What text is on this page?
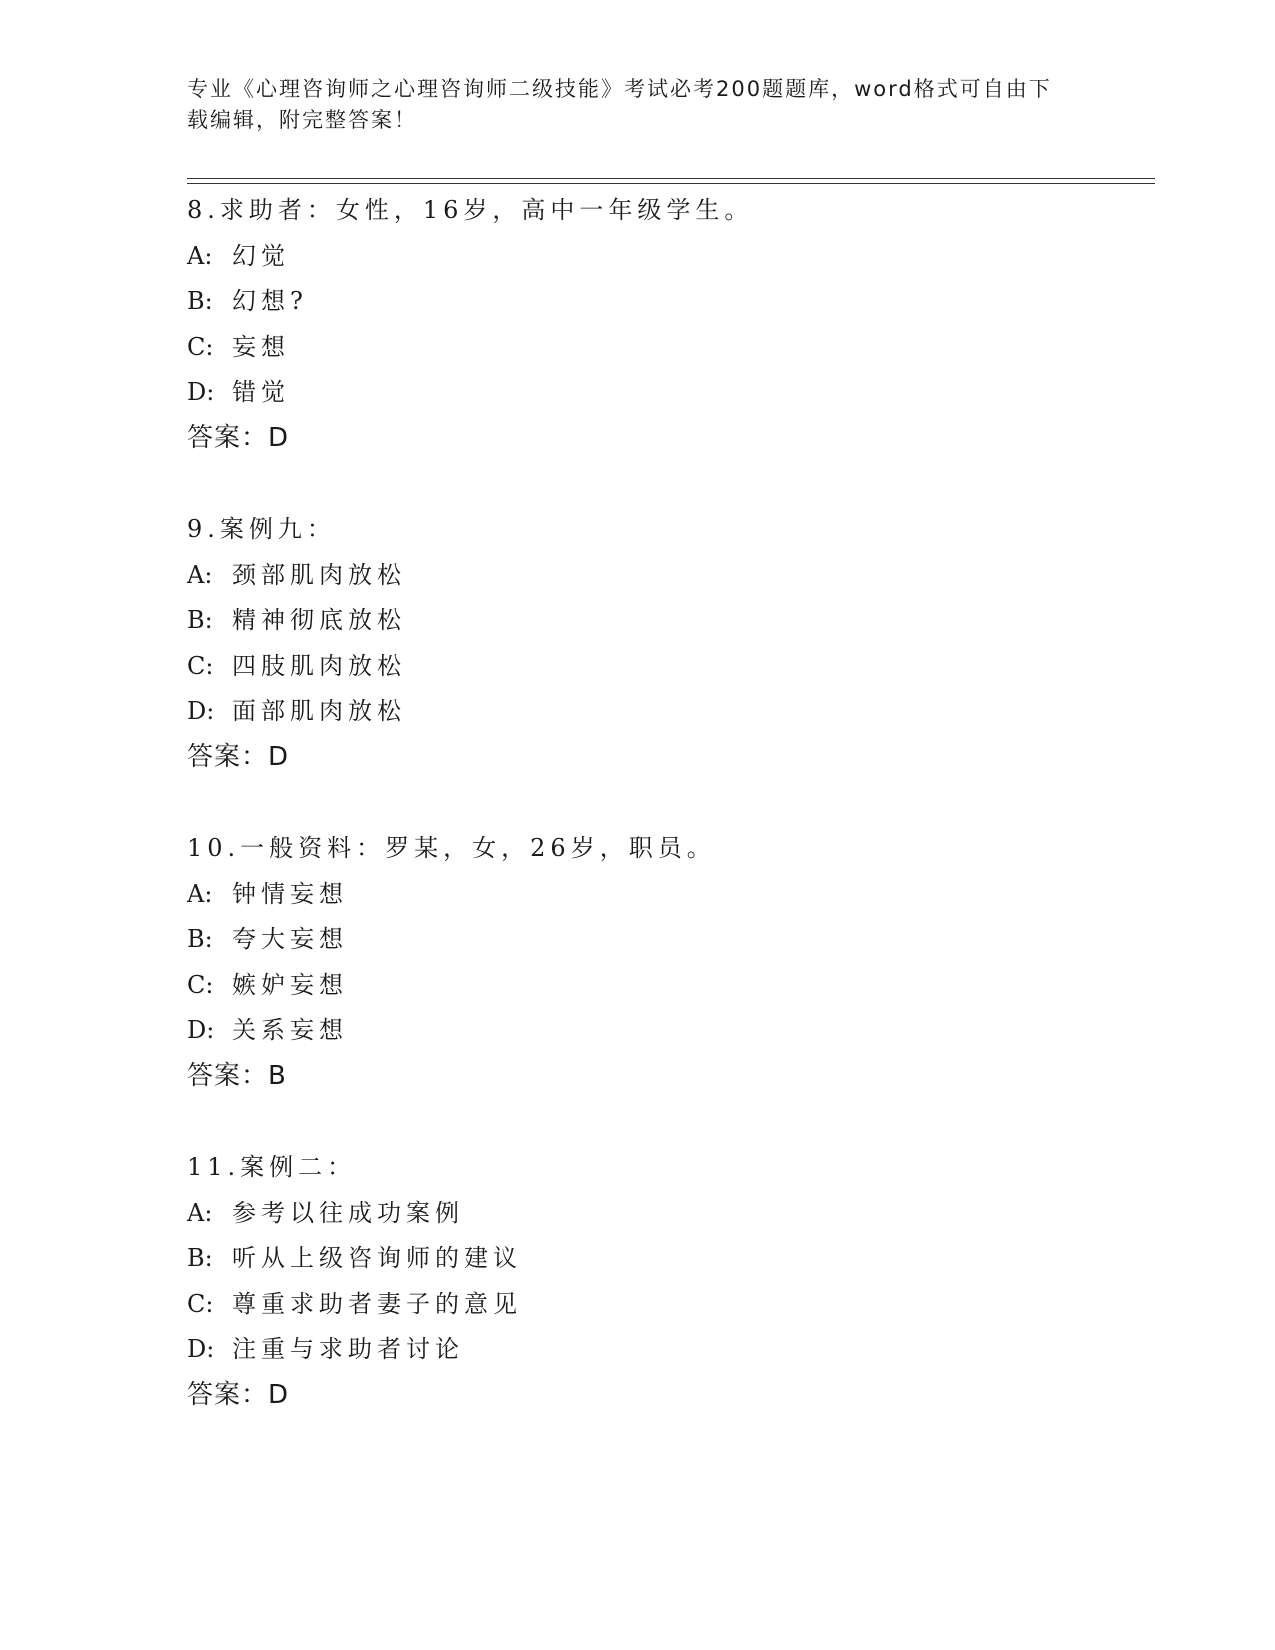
专业《心理咨询师之心理咨询师二级技能》考试必考200题题库，word格式可自由下载编辑，附完整答案！
8.求助者：女性，16岁，高中一年级学生。
A: 幻觉
B: 幻想?
C: 妄想
D: 错觉
答案：D
9.案例九：
A: 颈部肌肉放松
B: 精神彻底放松
C: 四肢肌肉放松
D: 面部肌肉放松
答案：D
10.一般资料：罗某，女，26岁，职员。
A: 钟情妄想
B: 夸大妄想
C: 嫉妒妄想
D: 关系妄想
答案：B
11.案例二：
A: 参考以往成功案例
B: 听从上级咨询师的建议
C: 尊重求助者妻子的意见
D: 注重与求助者讨论
答案：D
